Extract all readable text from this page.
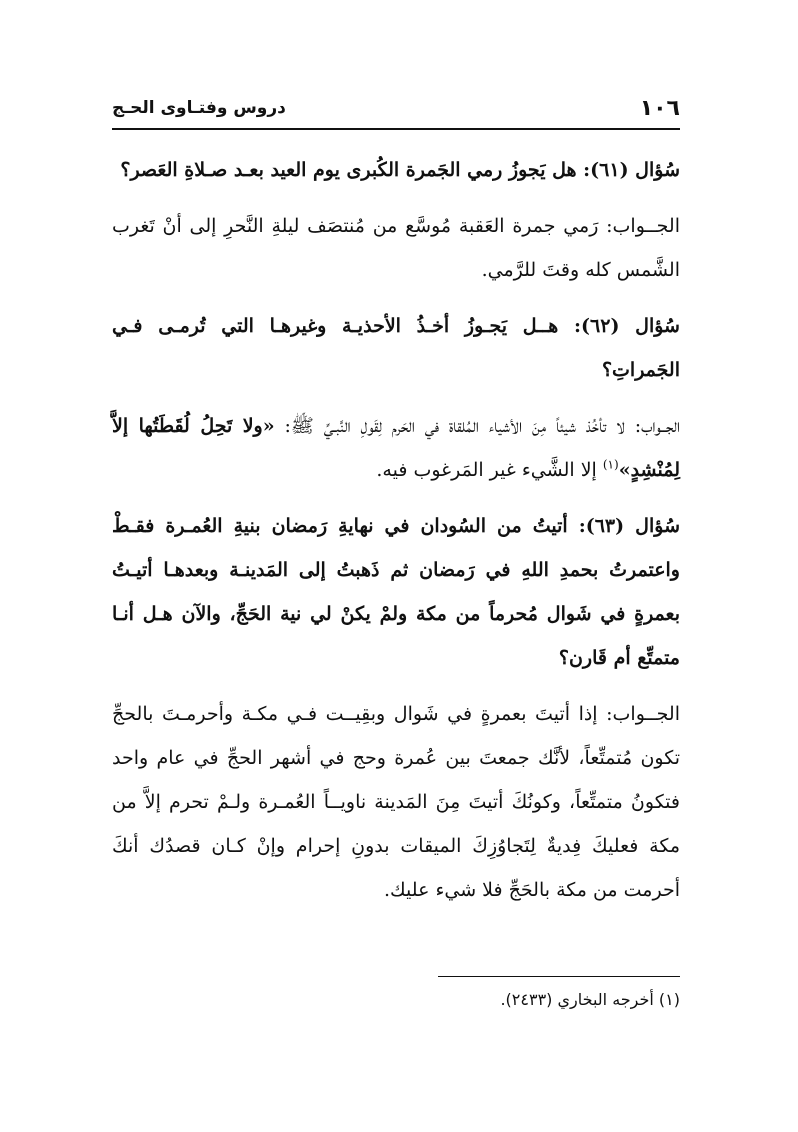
١٠٦
دروس وفتـاوى الحـج

سُؤال (٦١): هل يَجوزُ رمي الجَمرة الكُبرى يوم العيد بعـد صـلاةِ العَصر؟

الجــواب: رَمي جمرة العَقبة مُوسَّع من مُنتصَف ليلةِ النَّحرِ إلى أنْ تَغرب الشَّمس كله وقتَ للرَّمي.

سُؤال (٦٢): هــل يَجـوزُ أخـذُ الأحذيـة وغيرهـا التي تُرمـى فـي الجَمراتِ؟

الجــواب: لا تأخُذ شيئاً مِنَ الأشياء المُلقاة في الحَرم لِقَولِ النَّبـيِّ ﷺ: «ولا تَحِلُ لُقَطَتُها إلاَّ لِمُنْشِدٍ»$^{(١)}$ إلا الشَّيء غير المَرغوب فيه.

سُؤال (٦٣): أتيتُ من السُودان في نهايةِ رَمضان بنيةِ العُمـرة فقـطْ واعتمرتُ بحمدِ اللهِ في رَمضان ثم ذَهبتُ إلى المَدينـة وبعدهـا أتيـتُ بعمرةٍ في شَوال مُحرماً من مكة ولمْ يكنْ لي نية الحَجِّ، والآن هـل أنـا متمتِّع أم قَارن؟

الجــواب: إذا أتيتَ بعمرةٍ في شَوال وبقِيــت فـي مكـة وأحرمـتَ بالحجِّ تكون مُتمتِّعاً، لأنَّك جمعتَ بين عُمرة وحج في أشهر الحجِّ في عام واحد فتكونُ متمتِّعاً، وكونُكَ أتيتَ مِنَ المَدينة ناويــاً العُمـرة ولـمْ تحرم إلاَّ من مكة فعليكَ فِديةٌ لِتَجاوُزِكَ الميقات بدونِ إحرام وإنْ كـان قصدُك أنكَ أحرمت من مكة بالحَجِّ فلا شيء عليك.

(١) أخرجه البخاري (٢٤٣٣).
